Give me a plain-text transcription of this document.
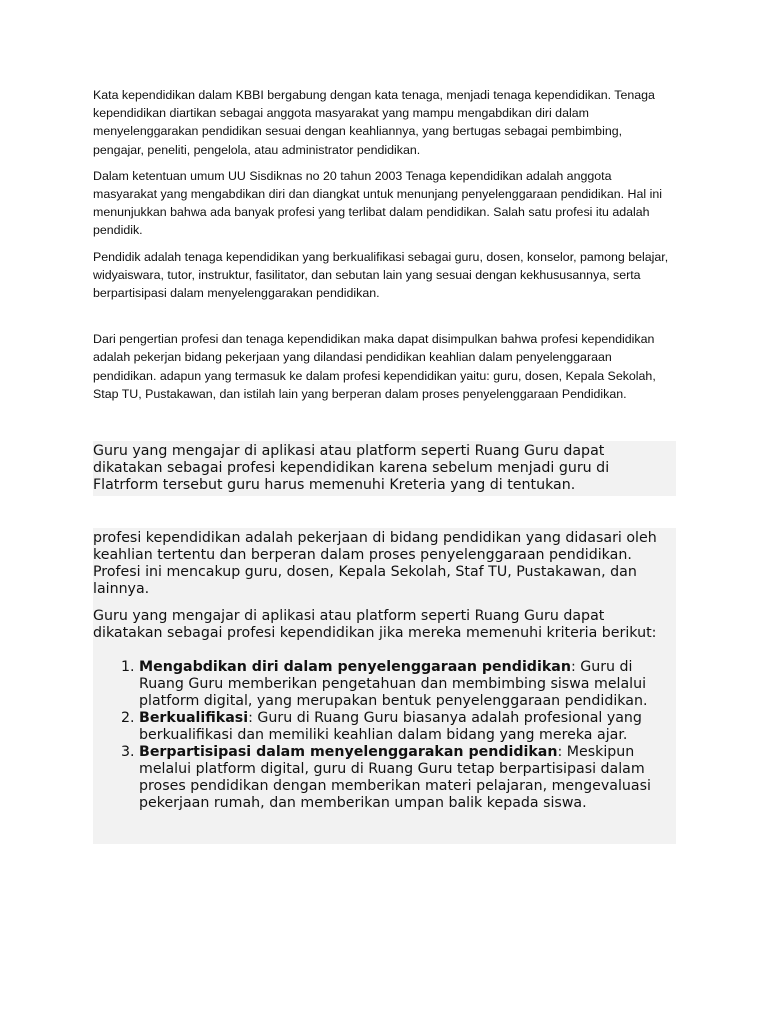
Kata kependidikan dalam KBBI bergabung dengan kata tenaga, menjadi tenaga kependidikan. Tenaga kependidikan diartikan sebagai anggota masyarakat yang mampu mengabdikan diri dalam menyelenggarakan pendidikan sesuai dengan keahliannya, yang bertugas sebagai pembimbing, pengajar, peneliti, pengelola, atau administrator pendidikan.

Dalam ketentuan umum UU Sisdiknas no 20 tahun 2003 Tenaga kependidikan adalah anggota masyarakat yang mengabdikan diri dan diangkat untuk menunjang penyelenggaraan pendidikan. Hal ini menunjukkan bahwa ada banyak profesi yang terlibat dalam pendidikan. Salah satu profesi itu adalah pendidik.

Pendidik adalah tenaga kependidikan yang berkualifikasi sebagai guru, dosen, konselor, pamong belajar, widyaiswara, tutor, instruktur, fasilitator, dan sebutan lain yang sesuai dengan kekhususannya, serta berpartisipasi dalam menyelenggarakan pendidikan.

Dari pengertian profesi dan tenaga kependidikan maka dapat disimpulkan bahwa profesi kependidikan adalah pekerjan bidang pekerjaan yang dilandasi pendidikan keahlian dalam penyelenggaraan pendidikan. adapun yang termasuk ke dalam profesi kependidikan yaitu: guru, dosen, Kepala Sekolah, Stap TU, Pustakawan, dan istilah lain yang berperan dalam proses penyelenggaraan Pendidikan.

Guru yang mengajar di aplikasi atau platform seperti Ruang Guru dapat dikatakan sebagai profesi kependidikan karena sebelum menjadi guru di Flatrform tersebut guru harus memenuhi Kreteria yang di tentukan.

profesi kependidikan adalah pekerjaan di bidang pendidikan yang didasari oleh keahlian tertentu dan berperan dalam proses penyelenggaraan pendidikan. Profesi ini mencakup guru, dosen, Kepala Sekolah, Staf TU, Pustakawan, dan lainnya.

Guru yang mengajar di aplikasi atau platform seperti Ruang Guru dapat dikatakan sebagai profesi kependidikan jika mereka memenuhi kriteria berikut:

1. Mengabdikan diri dalam penyelenggaraan pendidikan: Guru di Ruang Guru memberikan pengetahuan dan membimbing siswa melalui platform digital, yang merupakan bentuk penyelenggaraan pendidikan.
2. Berkualifikasi: Guru di Ruang Guru biasanya adalah profesional yang berkualifikasi dan memiliki keahlian dalam bidang yang mereka ajar.
3. Berpartisipasi dalam menyelenggarakan pendidikan: Meskipun melalui platform digital, guru di Ruang Guru tetap berpartisipasi dalam proses pendidikan dengan memberikan materi pelajaran, mengevaluasi pekerjaan rumah, dan memberikan umpan balik kepada siswa.
